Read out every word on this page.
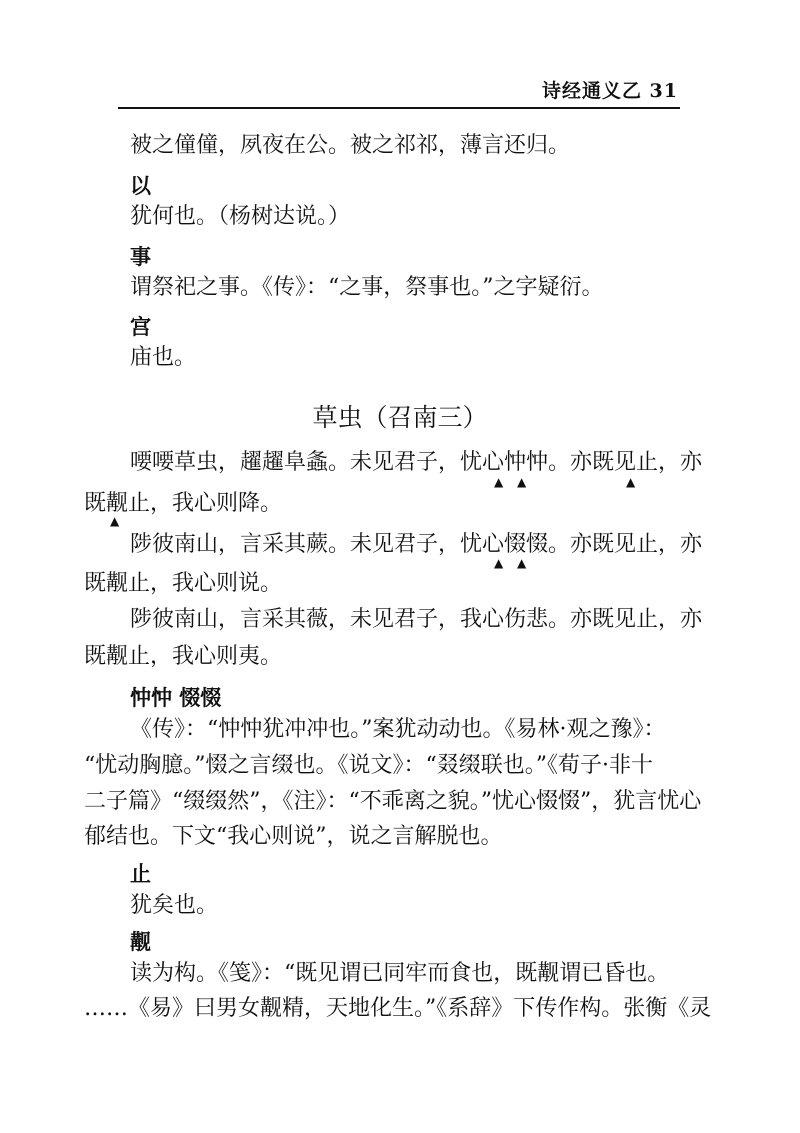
诗经通义乙 31
被之僮僮，夙夜在公。被之祁祁，薄言还归。
以
犹何也。（杨树达说。）
事
谓祭祀之事。《传》：“之事，祭事也。”之字疑衍。
宫
庙也。
草虫（召南三）
喓喓草虫，趯趯阜螽。未见君子，忧心忡忡。亦既见止，亦
▲ ▲	▲
既觏止，我心则降。
▲
陟彼南山，言采其蕨。未见君子，忧心惙惙。亦既见止，亦
▲ ▲
既觏止，我心则说。
陟彼南山，言采其薇，未见君子，我心伤悲。亦既见止，亦
既觏止，我心则夷。
忡忡 惙惙
《传》：“忡忡犹冲冲也。”案犹动动也。《易林·观之豫》：
“忧动胸臆。”惙之言缀也。《说文》：“叕缀联也。”《荀子·非十
二子篇》“缀缀然”，《注》：“不乖离之貌。”忧心惙惙”，犹言忧心
郁结也。下文“我心则说”，说之言解脱也。
止
犹矣也。
觏
读为构。《笺》：“既见谓已同牢而食也，既觏谓已昏也。
……《易》曰男女觏精，天地化生。”《系辞》下传作构。张衡《灵
